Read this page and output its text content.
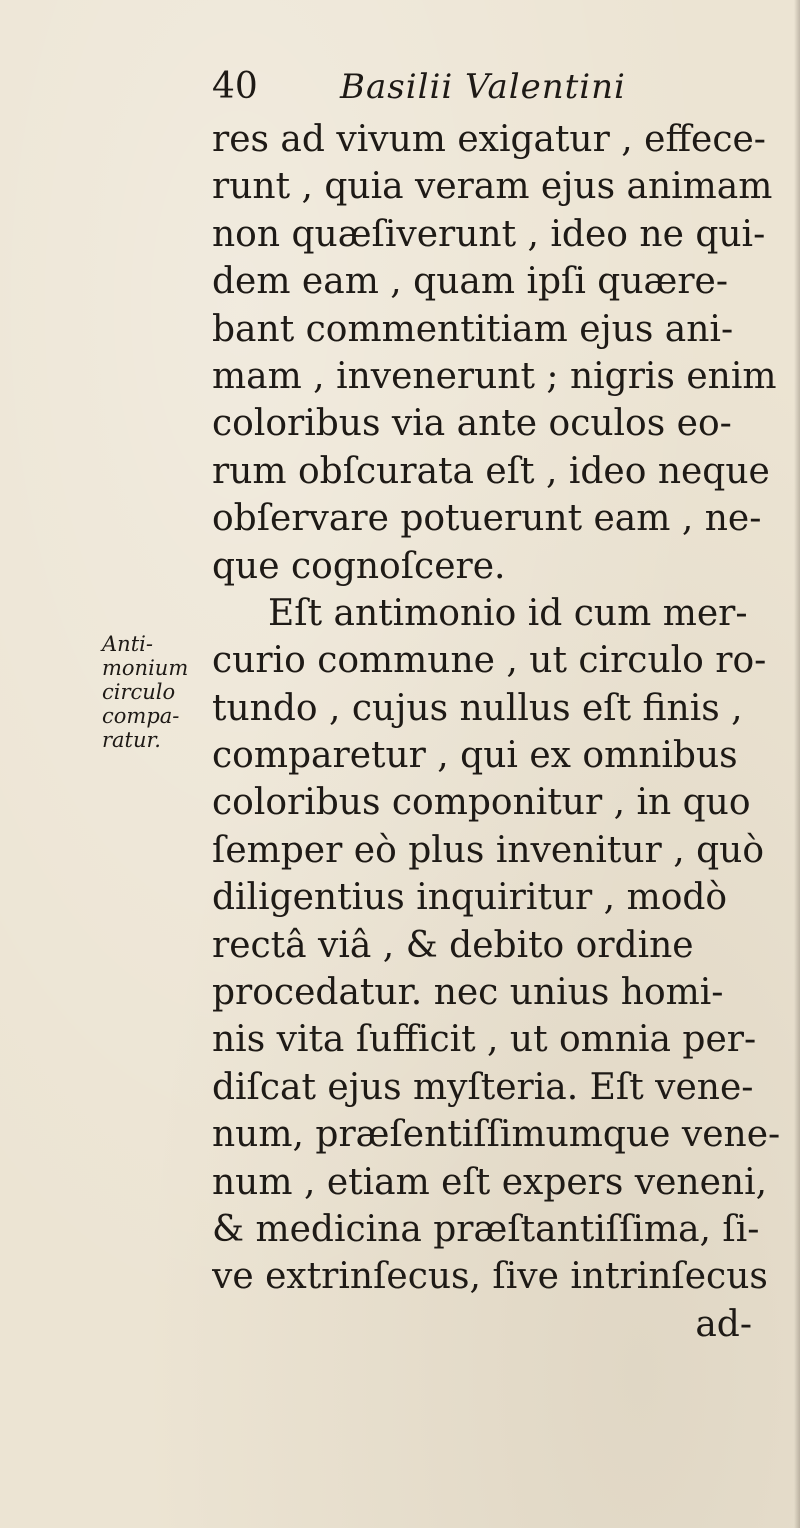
40 Basilii Valentini
Anti-
monium
circulo
compa-
ratur.
res ad vivum exigatur , effece-
runt , quia veram ejus animam
non quæſiverunt , ideo ne qui-
dem eam , quam ipſi quære-
bant commentitiam ejus ani-
mam , invenerunt ; nigris enim
coloribus via ante oculos eo-
rum obſcurata eſt , ideo neque
obſervare potuerunt eam , ne-
que cognoſcere.
Eſt antimonio id cum mer-
curio commune , ut circulo ro-
tundo , cujus nullus eſt finis ,
comparetur , qui ex omnibus
coloribus componitur , in quo
ſemper eò plus invenitur , quò
diligentius inquiritur , modò
rectâ viâ , & debito ordine
procedatur. nec unius homi-
nis vita ſufficit , ut omnia per-
diſcat ejus myſteria. Eſt vene-
num, præſentiſſimumque vene-
num , etiam eſt expers veneni,
& medicina præſtantiſſima, ſi-
ve extrinſecus, ſive intrinſecus
ad-
